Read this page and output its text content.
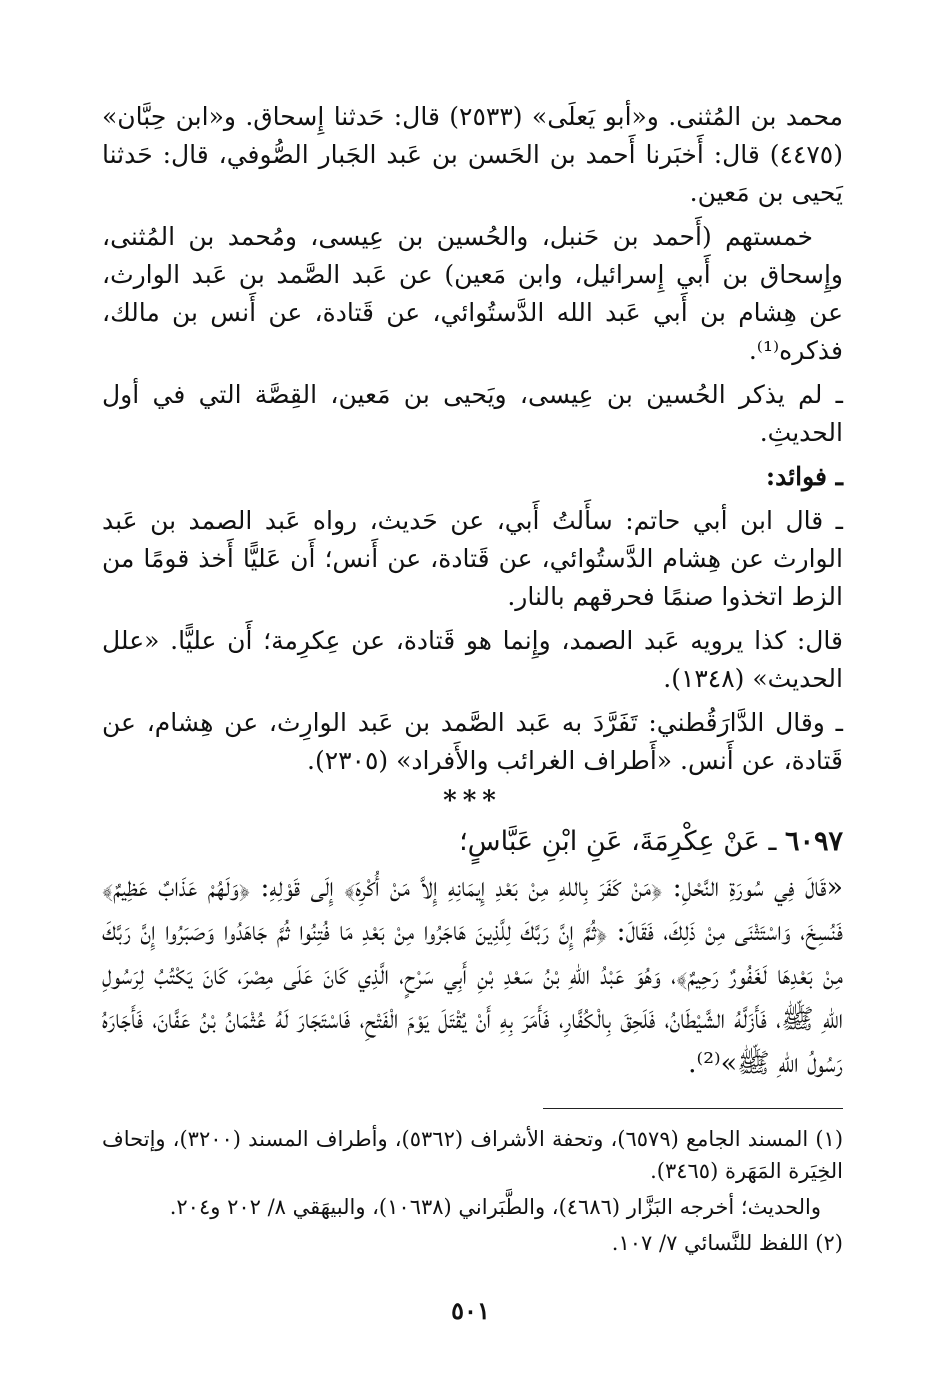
محمد بن المُثنى. و«أبو يَعلَى» (٢٥٣٣) قال: حَدثنا إِسحاق. و«ابن حِبَّان» (٤٤٧٥) قال: أَخبَرنا أَحمد بن الحَسن بن عَبد الجَبار الصُّوفي، قال: حَدثنا يَحيى بن مَعين.

خمستهم (أَحمد بن حَنبل، والحُسين بن عِيسى، ومُحمد بن المُثنى، وإِسحاق بن أَبي إِسرائيل، وابن مَعين) عن عَبد الصَّمد بن عَبد الوارث، عن هِشام بن أَبي عَبد الله الدَّستُوائي، عن قَتادة، عن أَنس بن مالك، فذكره⁽¹⁾.

ـ لم يذكر الحُسين بن عِيسى، ويَحيى بن مَعين، القِصَّة التي في أول الحديثِ.

ـ فوائد:

ـ قال ابن أبي حاتم: سأَلتُ أَبي، عن حَديث، رواه عَبد الصمد بن عَبد الوارث عن هِشام الدَّستُوائي، عن قَتادة، عن أَنس؛ أَن عَليًّا أَخذ قومًا من الزط اتخذوا صنمًا فحرقهم بالنار.

قال: كذا يرويه عَبد الصمد، وإِنما هو قَتادة، عن عِكرِمة؛ أَن عليًّا. «علل الحديث» (١٣٤٨).

ـ وقال الدَّارَقُطني: تَفَرَّدَ به عَبد الصَّمد بن عَبد الوارِث، عن هِشام، عن قَتادة، عن أَنس. «أَطراف الغرائب والأَفراد» (٢٣٠٥).

***
٦٠٩٧ ـ عَنْ عِكْرِمَةَ، عَنِ ابْنِ عَبَّاسٍ؛

«قَالَ فِي سُورَةِ النَّحْلِ: ﴿مَنْ كَفَرَ بِاللهِ مِنْ بَعْدِ إِيمَانِهِ إِلاَّ مَنْ أُكْرِهَ﴾ إِلَى قَوْلِهِ: ﴿وَلَهُمْ عَذَابٌ عَظِيمٌ﴾ فَنُسِخَ، وَاسْتَثْنَى مِنْ ذَلِكَ، فَقَالَ: ﴿ثُمَّ إِنَّ رَبَّكَ لِلَّذِينَ هَاجَرُوا مِنْ بَعْدِ مَا فُتِنُوا ثُمَّ جَاهَدُوا وَصَبَرُوا إِنَّ رَبَّكَ مِنْ بَعْدِهَا لَغَفُورٌ رَحِيمٌ﴾، وَهُوَ عَبْدُ اللهِ بْنُ سَعْدِ بْنِ أَبِي سَرْحٍ، الَّذِي كَانَ عَلَى مِصْرَ، كَانَ يَكْتُبُ لِرَسُولِ اللهِ ﷺ، فَأَزَلَّهُ الشَّيْطَانُ، فَلَحِقَ بِالْكُفَّارِ، فَأَمَرَ بِهِ أَنْ يُقْتَلَ يَوْمَ الْفَتْحِ، فَاسْتَجَارَ لَهُ عُثْمَانُ بْنُ عَفَّانَ، فَأَجَارَهُ رَسُولُ اللهِ ﷺ»⁽²⁾.

(١) المسند الجامع (٦٥٧٩)، وتحفة الأشراف (٥٣٦٢)، وأطراف المسند (٣٢٠٠)، وإتحاف الخِيَرة المَهَرة (٣٤٦٥).

والحديث؛ أخرجه البَزَّار (٤٦٨٦)، والطَّبَراني (١٠٦٣٨)، والبيهَقي ٨/ ٢٠٢ و٢٠٤.

(٢) اللفظ للنَّسائي ٧/ ١٠٧.

٥٠١
